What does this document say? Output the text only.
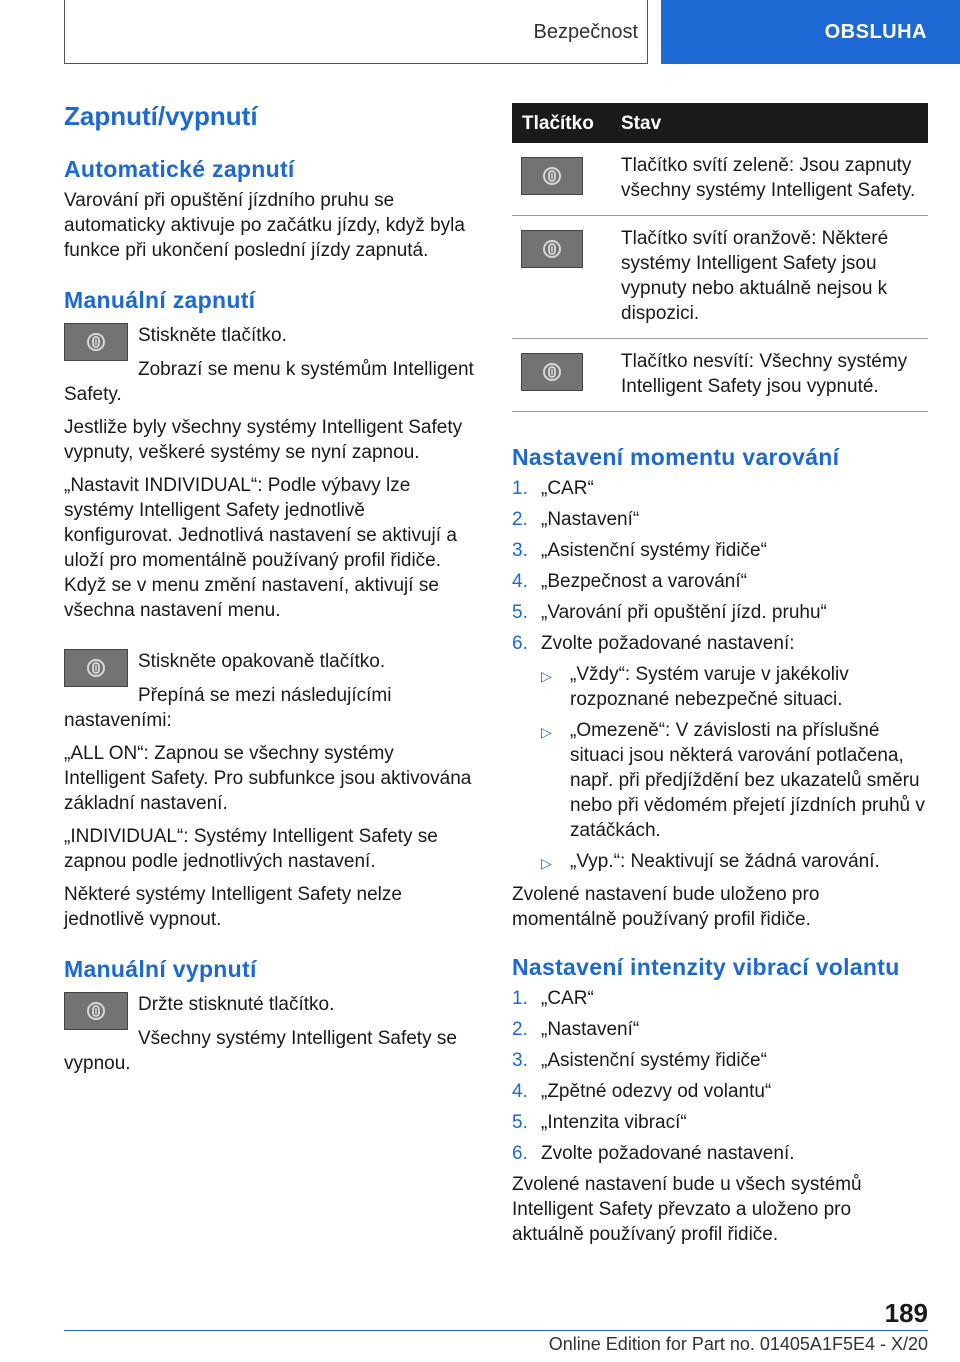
Bezpečnost	OBSLUHA
Zapnutí/vypnutí
Automatické zapnutí

Varování při opuštění jízdního pruhu se automaticky aktivuje po začátku jízdy, když byla funkce při ukončení poslední jízdy zapnutá.

Manuální zapnutí

Stiskněte tlačítko.

Zobrazí se menu k systémům Intelligent Safety.

Jestliže byly všechny systémy Intelligent Safety vypnuty, veškeré systémy se nyní zapnou.

„Nastavit INDIVIDUAL“: Podle výbavy lze systémy Intelligent Safety jednotlivě konfigurovat. Jednotlivá nastavení se aktivují a uloží pro momentálně používaný profil řidiče. Když se v menu změní nastavení, aktivují se všechna nastavení menu.

Stiskněte opakovaně tlačítko.

Přepíná se mezi následujícími nastaveními:

„ALL ON“: Zapnou se všechny systémy Intelligent Safety. Pro subfunkce jsou aktivována základní nastavení.

„INDIVIDUAL“: Systémy Intelligent Safety se zapnou podle jednotlivých nastavení.

Některé systémy Intelligent Safety nelze jednotlivě vypnout.

Manuální vypnutí

Držte stisknuté tlačítko.

Všechny systémy Intelligent Safety se vypnou.

Tlačítko	Stav

	Tlačítko svítí zeleně: Jsou zapnuty všechny systémy Intelligent Safety.

	Tlačítko svítí oranžově: Některé systémy Intelligent Safety jsou vypnuty nebo aktuálně nejsou k dispozici.

	Tlačítko nesvítí: Všechny systémy Intelligent Safety jsou vypnuté.
Nastavení momentu varování
1. „CAR“
2. „Nastavení“
3. „Asistenční systémy řidiče“
4. „Bezpečnost a varování“
5. „Varování při opuštění jízd. pruhu“
6. Zvolte požadované nastavení:
▷ „Vždy“: Systém varuje v jakékoliv rozpoznané nebezpečné situaci.
▷ „Omezeně“: V závislosti na příslušné situaci jsou některá varování potlačena, např. při předjíždění bez ukazatelů směru nebo při vědomém přejetí jízdních pruhů v zatáčkách.
▷ „Vyp.“: Neaktivují se žádná varování.

Zvolené nastavení bude uloženo pro momentálně používaný profil řidiče.

Nastavení intenzity vibrací volantu
1. „CAR“
2. „Nastavení“
3. „Asistenční systémy řidiče“
4. „Zpětné odezvy od volantu“
5. „Intenzita vibrací“
6. Zvolte požadované nastavení.

Zvolené nastavení bude u všech systémů Intelligent Safety převzato a uloženo pro aktuálně používaný profil řidiče.

189
Online Edition for Part no. 01405A1F5E4 - X/20
